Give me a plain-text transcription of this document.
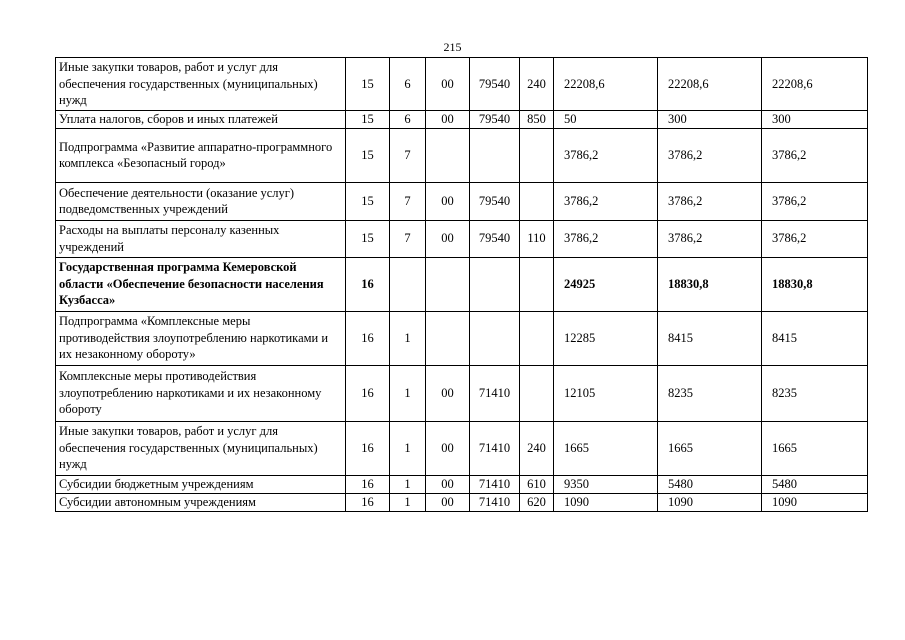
215
Иные закупки товаров, работ и услуг для обеспечения государственных (муниципальных) нужд	15	6	00	79540	240	22208,6	22208,6	22208,6
Уплата налогов, сборов и иных платежей	15	6	00	79540	850	50	300	300
Подпрограмма «Развитие аппаратно-программного комплекса «Безопасный город»	15	7				3786,2	3786,2	3786,2
Обеспечение деятельности (оказание услуг) подведомственных учреждений	15	7	00	79540		3786,2	3786,2	3786,2
Расходы на выплаты персоналу казенных учреждений	15	7	00	79540	110	3786,2	3786,2	3786,2
Государственная программа Кемеровской области «Обеспечение безопасности населения Кузбасса»	16					24925	18830,8	18830,8
Подпрограмма «Комплексные меры противодействия злоупотреблению наркотиками и их незаконному обороту»	16	1				12285	8415	8415
Комплексные меры противодействия злоупотреблению наркотиками и их незаконному обороту	16	1	00	71410		12105	8235	8235
Иные закупки товаров, работ и услуг для обеспечения государственных (муниципальных) нужд	16	1	00	71410	240	1665	1665	1665
Субсидии бюджетным учреждениям	16	1	00	71410	610	9350	5480	5480
Субсидии автономным учреждениям	16	1	00	71410	620	1090	1090	1090
